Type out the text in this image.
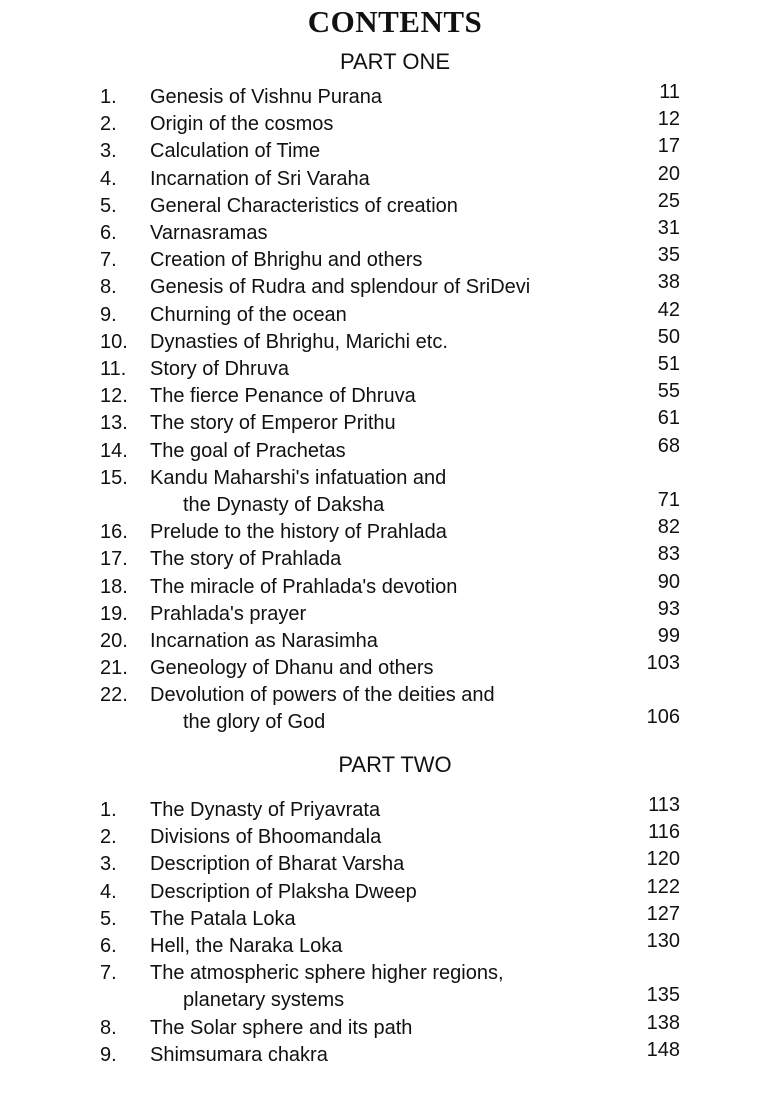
CONTENTS
PART ONE
PART TWO
1. Genesis of Vishnu Purana	11
2. Origin of the cosmos	12
3. Calculation of Time	17
4. Incarnation of Sri Varaha	20
5. General Characteristics of creation	25
6. Varnasramas	31
7. Creation of Bhrighu and others	35
8. Genesis of Rudra and splendour of SriDevi	38
9. Churning of the ocean	42
10. Dynasties of Bhrighu, Marichi etc.	50
11. Story of Dhruva	51
12. The fierce Penance of Dhruva	55
13. The story of Emperor Prithu	61
14. The goal of Prachetas	68
15. Kandu Maharshi's infatuation and
the Dynasty of Daksha	71
16. Prelude to the history of Prahlada	82
17. The story of Prahlada	83
18. The miracle of Prahlada's devotion	90
19. Prahlada's prayer	93
20. Incarnation as Narasimha	99
21. Geneology of Dhanu and others	103
22. Devolution of powers of the deities and
the glory of God	106
1. The Dynasty of Priyavrata	113
2. Divisions of Bhoomandala	116
3. Description of Bharat Varsha	120
4. Description of Plaksha Dweep	122
5. The Patala Loka	127
6. Hell, the Naraka Loka	130
7. The atmospheric sphere higher regions,
planetary systems	135
8. The Solar sphere and its path	138
9. Shimsumara chakra	148
